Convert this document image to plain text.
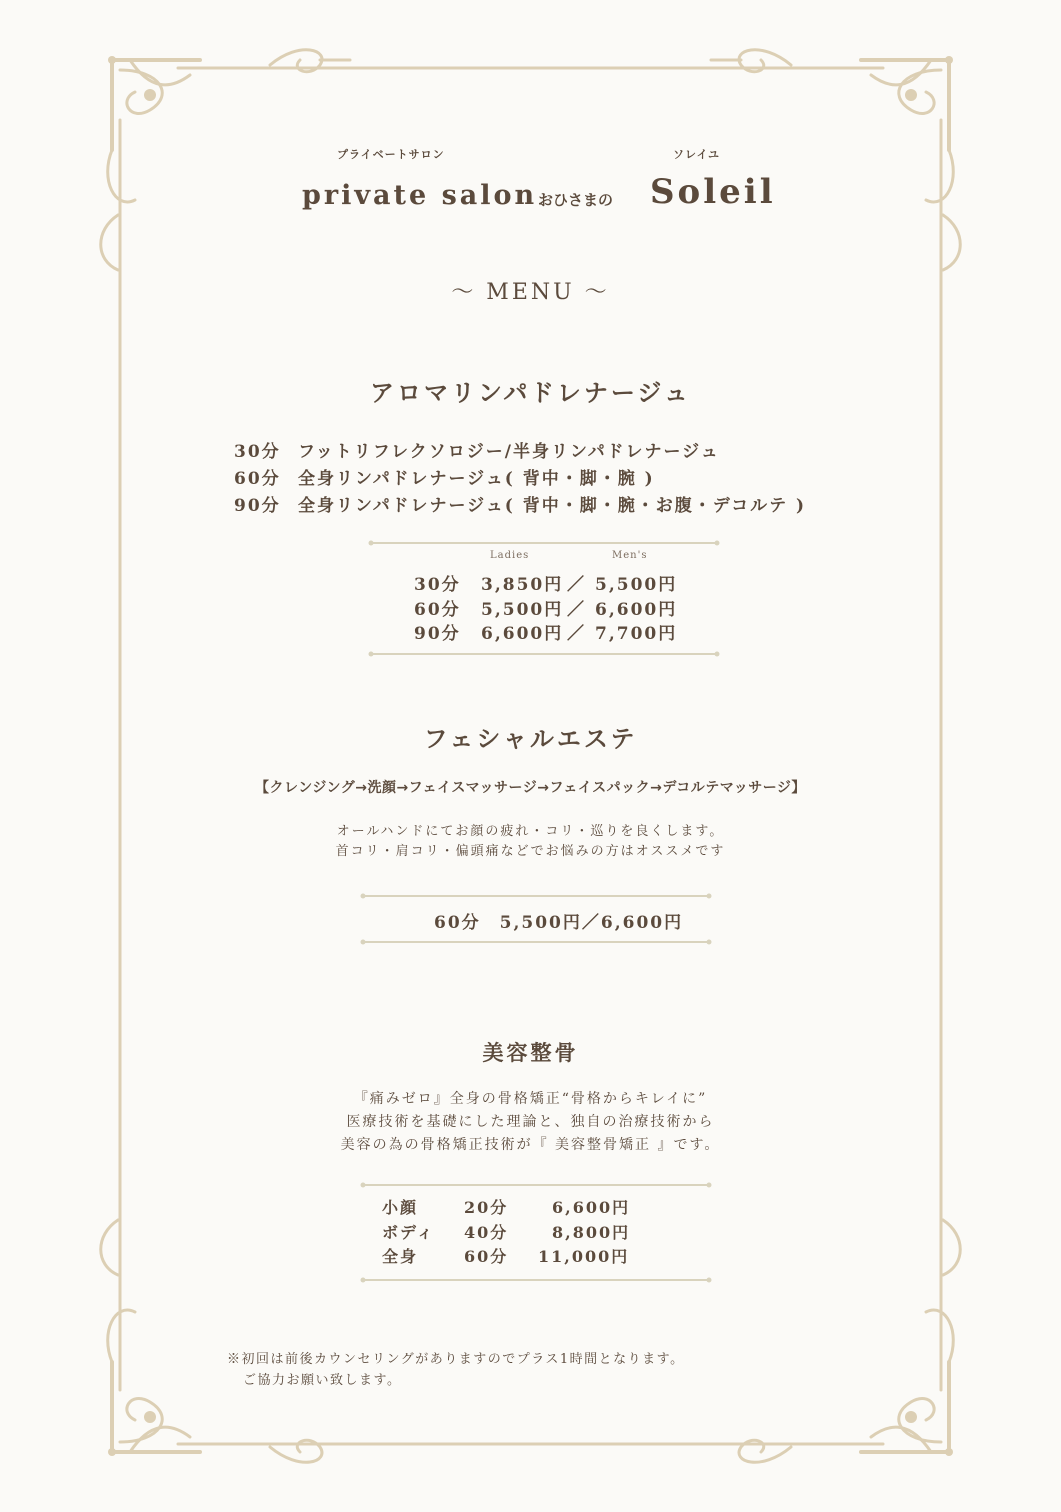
プライベートサロン	ソレイユ
private salon おひさまの Soleil
〜 MENU 〜
アロマリンパドレナージュ
30分 フットリフレクソロジー/半身リンパドレナージュ
60分 全身リンパドレナージュ( 背中・脚・腕 )
90分 全身リンパドレナージュ( 背中・脚・腕・お腹・デコルテ )
Ladies	Men's
30分 3,850円 ／ 5,500円
60分 5,500円 ／ 6,600円
90分 6,600円 ／ 7,700円
フェシャルエステ
【クレンジング→洗顔→フェイスマッサージ→フェイスパック→デコルテマッサージ】
オールハンドにてお顔の疲れ・コリ・巡りを良くします。
首コリ・肩コリ・偏頭痛などでお悩みの方はオススメです
60分　5,500円／6,600円
美容整骨
『痛みゼロ』全身の骨格矯正“骨格からキレイに”
医療技術を基礎にした理論と、独自の治療技術から
美容の為の骨格矯正技術が『 美容整骨矯正 』です。
小顔	20分	6,600円
ボディ 40分	8,800円
全身	60分 11,000円
※初回は前後カウンセリングがありますのでプラス1時間となります。
ご協力お願い致します。
